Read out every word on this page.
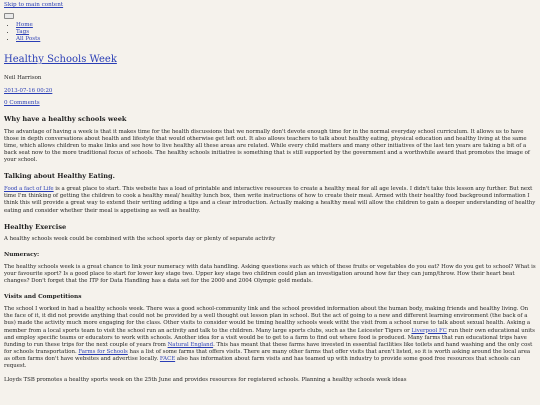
Skip to main content
• Home
• Tags
• All Posts
Healthy Schools Week
Neil Harrison
2013-07-16 00:20
0 Comments
Why have a healthy schools week

The advantage of having a week is that it makes time for the health discussions that we normally don't devote enough time for in the normal everyday school curriculum. It allows us to have those in depth conversations about health and lifestyle that would otherwise get left out. It also allows teachers to talk about healthy eating, physical education and healthy living at the same time, which allows children to make links and see how to live healthy all these areas are related. While every child matters and many other initiatives of the last ten years are taking a bit of a back seat now to the more traditional focus of schools. The healthy schools initiative is something that is still supported by the government and a worthwhile award that promotes the image of your school.

Talking about Healthy Eating.

Food a fact of Life is a great place to start. This website has a load of printable and interactive resources to create a healthy meal for all age levels. I didn't take this lesson any further. But next time I'm thinking of getting the children to cook a healthy meal/ healthy lunch box, then write instructions of how to create their meal. Armed with their healthy food background information I think this will provide a great way to extend their writing adding a tips and a clear introduction. Actually making a healthy meal will allow the children to gain a deeper understanding of healthy eating and consider whether their meal is appetising as well as healthy.

Healthy Exercise

A healthy schools week could be combined with the school sports day or plenty of separate activity

Numeracy:

The healthy schools week is a great chance to link your numeracy with data handling. Asking questions such as which of these fruits or vegetables do you eat? How do you get to school? What is your favourite sport? Is a good place to start for lower key stage two. Upper key stage two children could plan an investigation around how far they can jump/throw. How their heart beat changes? Don't forget that the ITP for Data Handling has a data set for the 2000 and 2004 Olympic gold medals.

Visits and Competitions

The school I worked in had a healthy schools week. There was a good school-community link and the school provided information about the human body, making friends and healthy living. On the face of it, it did not provide anything that could not be provided by a well thought out lesson plan in school. But the act of going to a new and different learning environment (the back of a bus) made the activity much more engaging for the class. Other visits to consider would be timing healthy schools week witht the visit from a school nurse to talk about sexual health. Asking a member from a local sports team to visit the school run an activity and talk to the children. Many large sports clubs, such as the Leicester Tigers or Liverpool FC run their own educational units and employ specific teams or educators to work with schools. Another idea for a visit would be to get to a farm to find out where food is produced. Many farms that run educational trips have funding to run these trips for the next couple of years from Natural England. This has meant that these farms have invested in essential facilities like toilets and hand washing and the only cost for schools transportation. Farms for Schools has a list of some farms that offers visits. There are many other farms that offer visits that aren't listed, so it is worth asking around the local area as often farms don't have websites and advertise locally. FACE also has information about farm visits and has teamed up with industry to provide some good free resources that schools can request.

Lloyds TSB promotes a healthy sports week on the 25th June and provides resources for registered schools. Planning a healthy schools week ideas
